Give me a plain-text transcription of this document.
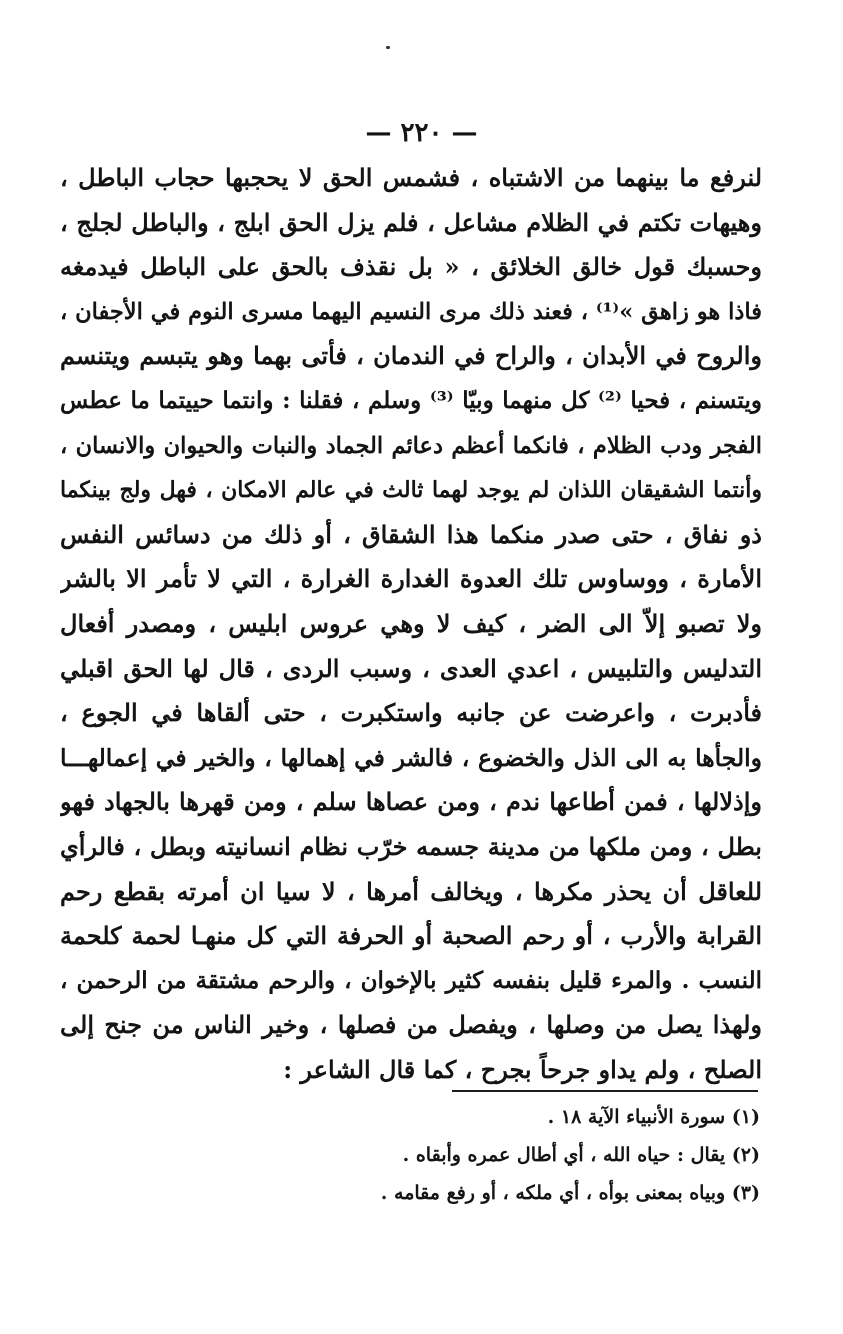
— ٢٢٠ —
لنرفع ما بينهما من الاشتباه ، فشمس الحق لا يحجبها حجاب الباطل ،
وهيهات تكتم في الظلام مشاعل ، فلم يزل الحق ابلج ، والباطل لجلج ،
وحسبك قول خالق الخلائق ، « بل نقذف بالحق على الباطل فيدمغه
فاذا هو زاهق »⁽¹⁾ ، فعند ذلك مرى النسيم اليهما مسرى النوم في الأجفان ،
والروح في الأبدان ، والراح في الندمان ، فأتى بهما وهو يتبسم ويتنسم
ويتسنم ، فحيا ⁽²⁾ كل منهما وبيّا ⁽³⁾ وسلم ، فقلنا : وانتما حييتما ما عطس
الفجر ودب الظلام ، فانكما أعظم دعائم الجماد والنبات والحيوان والانسان ،
وأنتما الشقيقان اللذان لم يوجد لهما ثالث في عالم الامكان ، فهل ولج بينكما
ذو نفاق ، حتى صدر منكما هذا الشقاق ، أو ذلك من دسائس النفس
الأمارة ، ووساوس تلك العدوة الغدارة الغرارة ، التي لا تأمر الا بالشر
ولا تصبو إلاّ الى الضر ، كيف لا وهي عروس ابليس ، ومصدر أفعال
التدليس والتلبيس ، اعدي العدى ، وسبب الردى ، قال لها الحق اقبلي
فأدبرت ، واعرضت عن جانبه واستكبرت ، حتى ألقاها في الجوع ،
والجأها به الى الذل والخضوع ، فالشر في إهمالها ، والخير في إعمالهـــا
وإذلالها ، فمن أطاعها ندم ، ومن عصاها سلم ، ومن قهرها بالجهاد فهو
بطل ، ومن ملكها من مدينة جسمه خرّب نظام انسانيته وبطل ، فالرأي
للعاقل أن يحذر مكرها ، ويخالف أمرها ، لا سيا ان أمرته بقطع رحم
القرابة والأرب ، أو رحم الصحبة أو الحرفة التي كل منهـا لحمة كلحمة
النسب . والمرء قليل بنفسه كثير بالإخوان ، والرحم مشتقة من الرحمن ،
ولهذا يصل من وصلها ، ويفصل من فصلها ، وخير الناس من جنح إلى
الصلح ، ولم يداو جرحاً بجرح ، كما قال الشاعر :
(١) سورة الأنبياء الآية ١٨ .
(٢) يقال : حياه الله ، أي أطال عمره وأبقاه .
(٣) وبياه بمعنى بوأه ، أي ملكه ، أو رفع مقامه .
